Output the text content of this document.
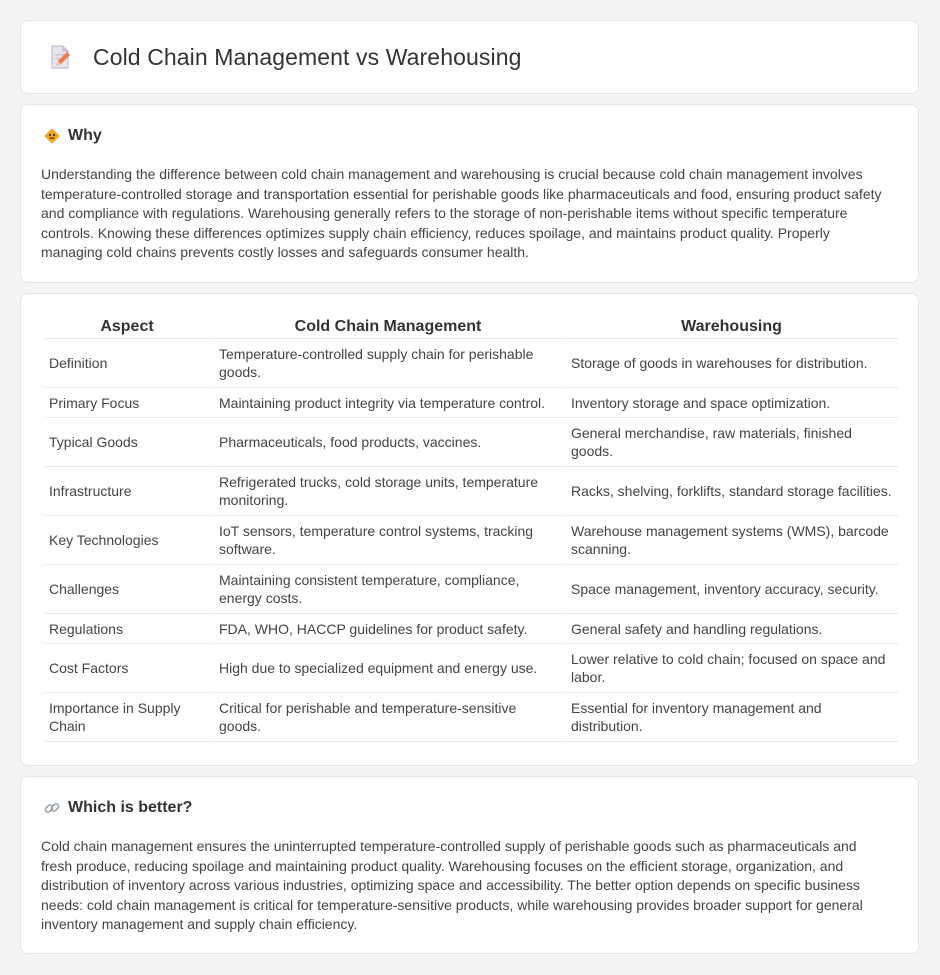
Cold Chain Management vs Warehousing
Why

Understanding the difference between cold chain management and warehousing is crucial because cold chain management involves temperature-controlled storage and transportation essential for perishable goods like pharmaceuticals and food, ensuring product safety and compliance with regulations. Warehousing generally refers to the storage of non-perishable items without specific temperature controls. Knowing these differences optimizes supply chain efficiency, reduces spoilage, and maintains product quality. Properly managing cold chains prevents costly losses and safeguards consumer health.

Aspect	Cold Chain Management	Warehousing
Definition	Temperature-controlled supply chain for perishable goods.	Storage of goods in warehouses for distribution.
Primary Focus	Maintaining product integrity via temperature control.	Inventory storage and space optimization.
Typical Goods	Pharmaceuticals, food products, vaccines.	General merchandise, raw materials, finished goods.
Infrastructure	Refrigerated trucks, cold storage units, temperature monitoring.	Racks, shelving, forklifts, standard storage facilities.
Key Technologies	IoT sensors, temperature control systems, tracking software.	Warehouse management systems (WMS), barcode scanning.
Challenges	Maintaining consistent temperature, compliance, energy costs.	Space management, inventory accuracy, security.
Regulations	FDA, WHO, HACCP guidelines for product safety.	General safety and handling regulations.
Cost Factors	High due to specialized equipment and energy use.	Lower relative to cold chain; focused on space and labor.
Importance in Supply Chain	Critical for perishable and temperature-sensitive goods.	Essential for inventory management and distribution.
Which is better?

Cold chain management ensures the uninterrupted temperature-controlled supply of perishable goods such as pharmaceuticals and fresh produce, reducing spoilage and maintaining product quality. Warehousing focuses on the efficient storage, organization, and distribution of inventory across various industries, optimizing space and accessibility. The better option depends on specific business needs: cold chain management is critical for temperature-sensitive products, while warehousing provides broader support for general inventory management and supply chain efficiency.
